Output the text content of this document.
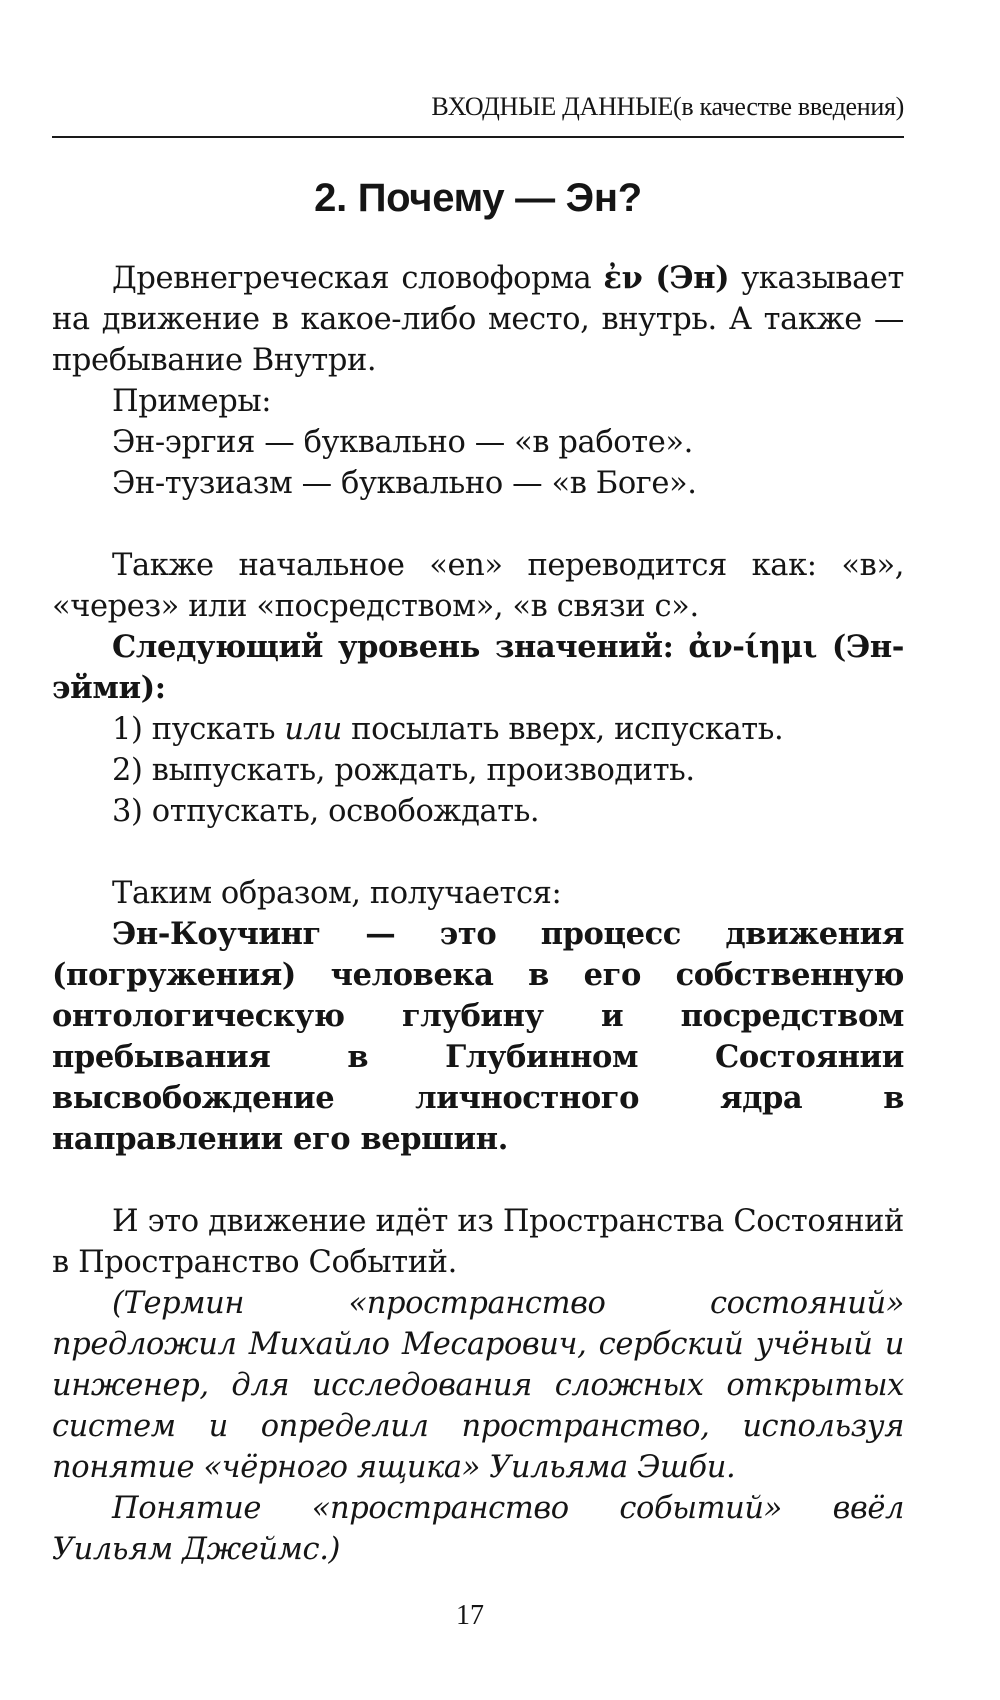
ВХОДНЫЕ ДАННЫЕ(в качестве введения)
2. Почему — Эн?

Древнегреческая словоформа ἐν (Эн) указывает на движение в какое-либо место, внутрь. А также — пребывание Внутри.

Примеры:

Эн-эргия — буквально — «в работе».

Эн-тузиазм — буквально — «в Боге».

Также начальное «en» переводится как: «в», «через» или «посредством», «в связи с».

Следующий уровень значений: ἀν-ίημι (Эн-эйми):

1) пускать или посылать вверх, испускать.

2) выпускать, рождать, производить.

3) отпускать, освобождать.

Таким образом, получается:

Эн-Коучинг — это процесс движения (погружения) человека в его собственную онтологическую глубину и посредством пребывания в Глубинном Состоянии высвобождение личностного ядра в направлении его вершин.

И это движение идёт из Пространства Состояний в Пространство Событий.

(Термин «пространство состояний» предложил Михайло Месарович, сербский учёный и инженер, для исследования сложных открытых систем и определил пространство, используя понятие «чёрного ящика» Уильяма Эшби.

Понятие «пространство событий» ввёл Уильям Джеймс.)

17
